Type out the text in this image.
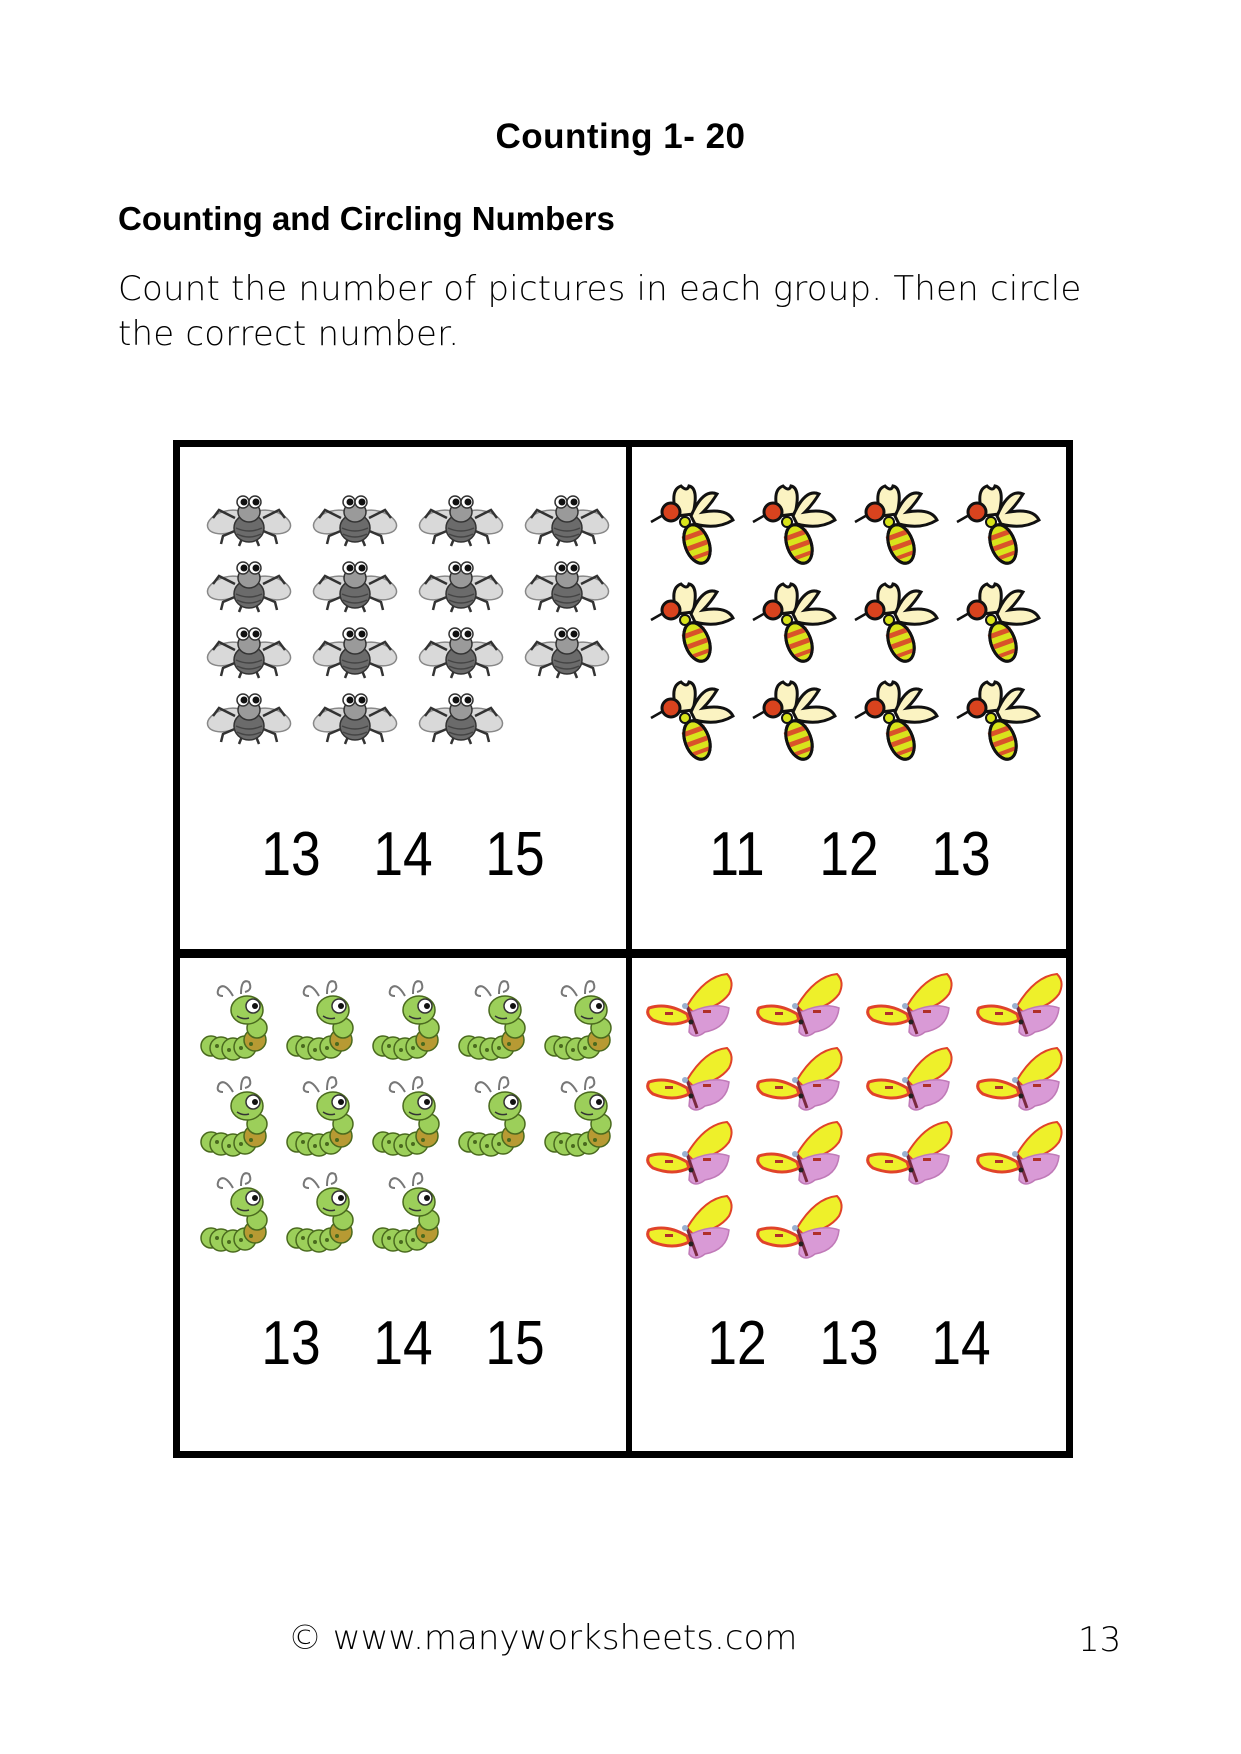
Counting 1- 20
Counting and Circling Numbers
Count the number of pictures in each group. Then circle the correct number.
13 14 15	11 12 13
13 14 15	12 13 14
© www.manyworksheets.com	13
